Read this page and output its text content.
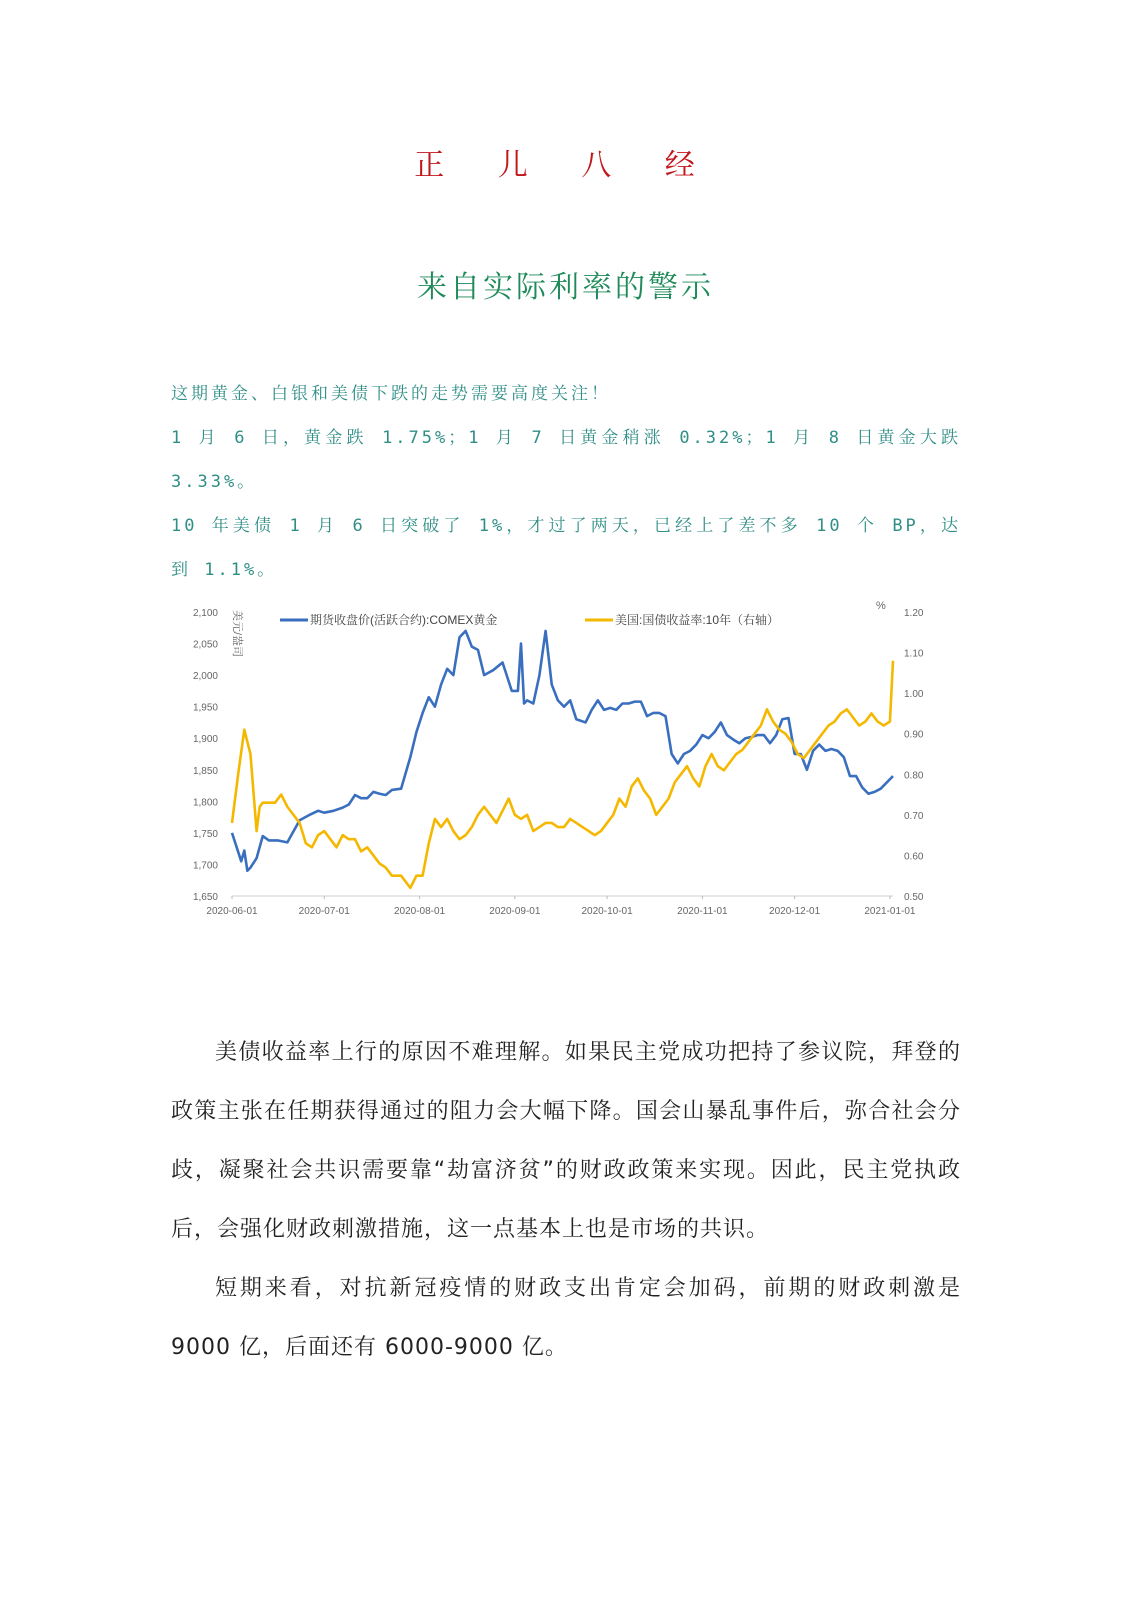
正 儿 八 经
来自实际利率的警示

这期黄金、白银和美债下跌的走势需要高度关注！

1 月 6 日，黄金跌 1.75%；1 月 7 日黄金稍涨 0.32%；1 月 8 日黄金大跌

3.33%。

10 年美债 1 月 6 日突破了 1%，才过了两天，已经上了差不多 10 个 BP，达

到 1.1%。

期货收盘价(活跃合约):COMEX黄金	美国:国债收益率:10年（右轴）
美元/盎司
%
2,100
2,050
2,000
1,950
1,900
1,850
1,800
1,750
1,700
1,650
1.20
1.10
1.00
0.90
0.80
0.70
0.60
0.50
2020-06-01	2020-07-01	2020-08-01	2020-09-01	2020-10-01	2020-11-01	2020-12-01	2021-01-01

美债收益率上行的原因不难理解。如果民主党成功把持了参议院，拜登的政策主张在任期获得通过的阻力会大幅下降。国会山暴乱事件后，弥合社会分歧，凝聚社会共识需要靠“劫富济贫”的财政政策来实现。因此，民主党执政后，会强化财政刺激措施，这一点基本上也是市场的共识。

短期来看，对抗新冠疫情的财政支出肯定会加码，前期的财政刺激是 9000 亿，后面还有 6000-9000 亿。
